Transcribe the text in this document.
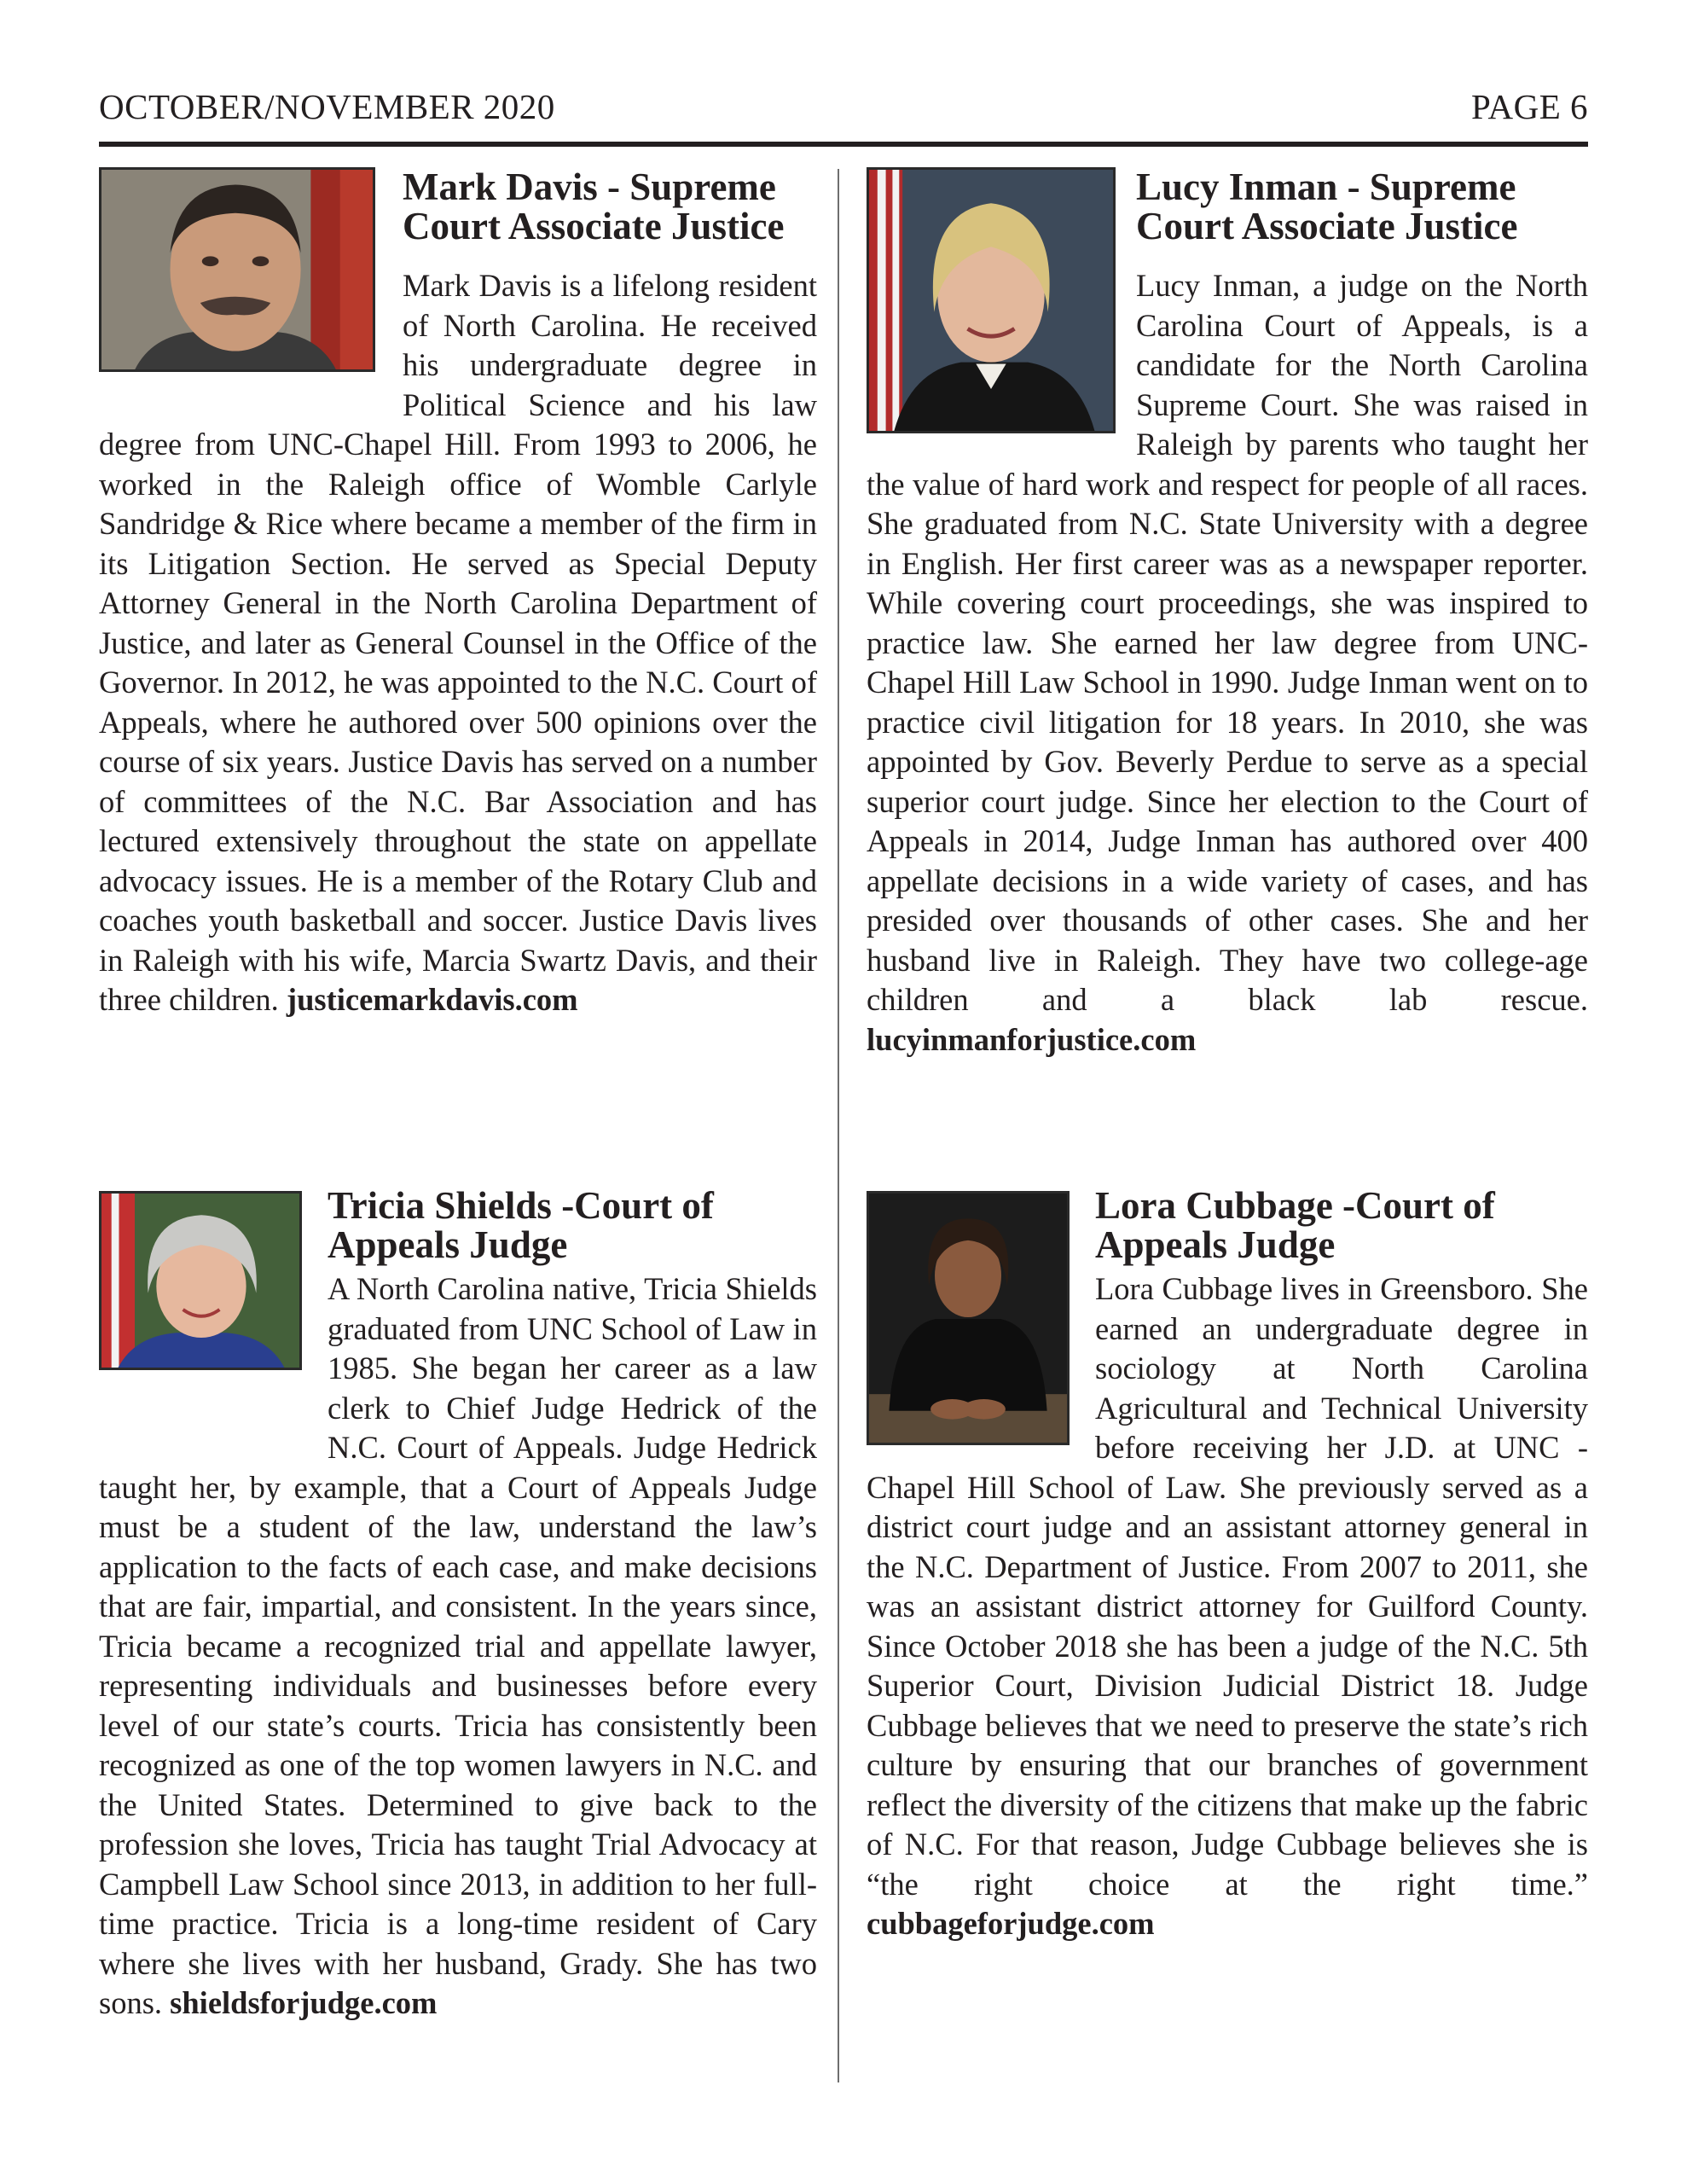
OCTOBER/NOVEMBER 2020	PAGE 6
Mark Davis - Supreme Court Associate Justice

Mark Davis is a lifelong resident of North Carolina. He received his undergraduate degree in Political Science and his law degree from UNC-Chapel Hill. From 1993 to 2006, he worked in the Raleigh office of Womble Carlyle Sandridge & Rice where became a member of the firm in its Litigation Section. He served as Special Deputy Attorney General in the North Carolina Department of Justice, and later as General Counsel in the Office of the Governor. In 2012, he was appointed to the N.C. Court of Appeals, where he authored over 500 opinions over the course of six years. Justice Davis has served on a number of committees of the N.C. Bar Association and has lectured extensively throughout the state on appellate advocacy issues. He is a member of the Rotary Club and coaches youth basketball and soccer. Justice Davis lives in Raleigh with his wife, Marcia Swartz Davis, and their three children. justicemarkdavis.com

Lucy Inman - Supreme Court Associate Justice

Lucy Inman, a judge on the North Carolina Court of Appeals, is a candidate for the North Carolina Supreme Court. She was raised in Raleigh by parents who taught her the value of hard work and respect for people of all races. She graduated from N.C. State University with a degree in English. Her first career was as a newspaper reporter. While covering court proceedings, she was inspired to practice law. She earned her law degree from UNC-Chapel Hill Law School in 1990. Judge Inman went on to practice civil litigation for 18 years. In 2010, she was appointed by Gov. Beverly Perdue to serve as a special superior court judge. Since her election to the Court of Appeals in 2014, Judge Inman has authored over 400 appellate decisions in a wide variety of cases, and has presided over thousands of other cases. She and her husband live in Raleigh. They have two college-age children and a black lab rescue. lucyinmanforjustice.com

Tricia Shields -Court of Appeals Judge

A North Carolina native, Tricia Shields graduated from UNC School of Law in 1985. She began her career as a law clerk to Chief Judge Hedrick of the N.C. Court of Appeals. Judge Hedrick taught her, by example, that a Court of Appeals Judge must be a student of the law, understand the law’s application to the facts of each case, and make decisions that are fair, impartial, and consistent. In the years since, Tricia became a recognized trial and appellate lawyer, representing individuals and businesses before every level of our state’s courts. Tricia has consistently been recognized as one of the top women lawyers in N.C. and the United States. Determined to give back to the profession she loves, Tricia has taught Trial Advocacy at Campbell Law School since 2013, in addition to her full-time practice. Tricia is a long-time resident of Cary where she lives with her husband, Grady. She has two sons. shieldsforjudge.com

Lora Cubbage -Court of Appeals Judge

Lora Cubbage lives in Greensboro. She earned an undergraduate degree in sociology at North Carolina Agricultural and Technical University before receiving her J.D. at UNC - Chapel Hill School of Law. She previously served as a district court judge and an assistant attorney general in the N.C. Department of Justice. From 2007 to 2011, she was an assistant district attorney for Guilford County. Since October 2018 she has been a judge of the N.C. 5th Superior Court, Division Judicial District 18. Judge Cubbage believes that we need to preserve the state’s rich culture by ensuring that our branches of government reflect the diversity of the citizens that make up the fabric of N.C. For that reason, Judge Cubbage believes she is “the right choice at the right time.” cubbageforjudge.com
